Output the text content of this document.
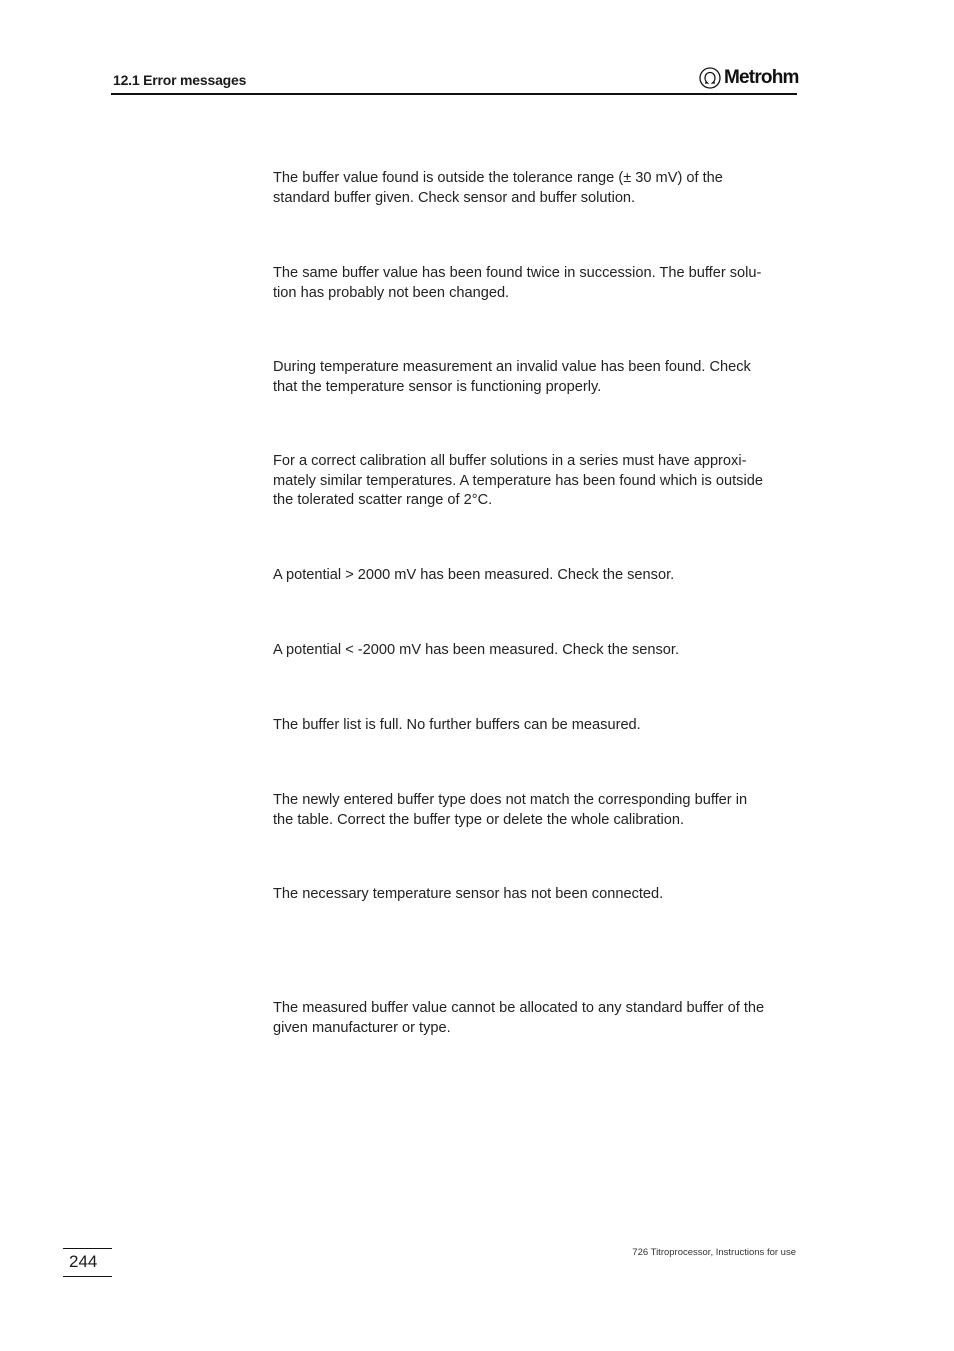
12.1 Error messages	Metrohm

The buffer value found is outside the tolerance range (± 30 mV) of the
standard buffer given. Check sensor and buffer solution.

The same buffer value has been found twice in succession. The buffer solu-
tion has probably not been changed.

During temperature measurement an invalid value has been found. Check
that the temperature sensor is functioning properly.

For a correct calibration all buffer solutions in a series must have approxi-
mately similar temperatures. A temperature has been found which is outside
the tolerated scatter range of 2°C.

A potential > 2000 mV has been measured. Check the sensor.

A potential < -2000 mV has been measured. Check the sensor.

The buffer list is full. No further buffers can be measured.

The newly entered buffer type does not match the corresponding buffer in
the table. Correct the buffer type or delete the whole calibration.

The necessary temperature sensor has not been connected.

The measured buffer value cannot be allocated to any standard buffer of the
given manufacturer or type.

244	726 Titroprocessor, Instructions for use
